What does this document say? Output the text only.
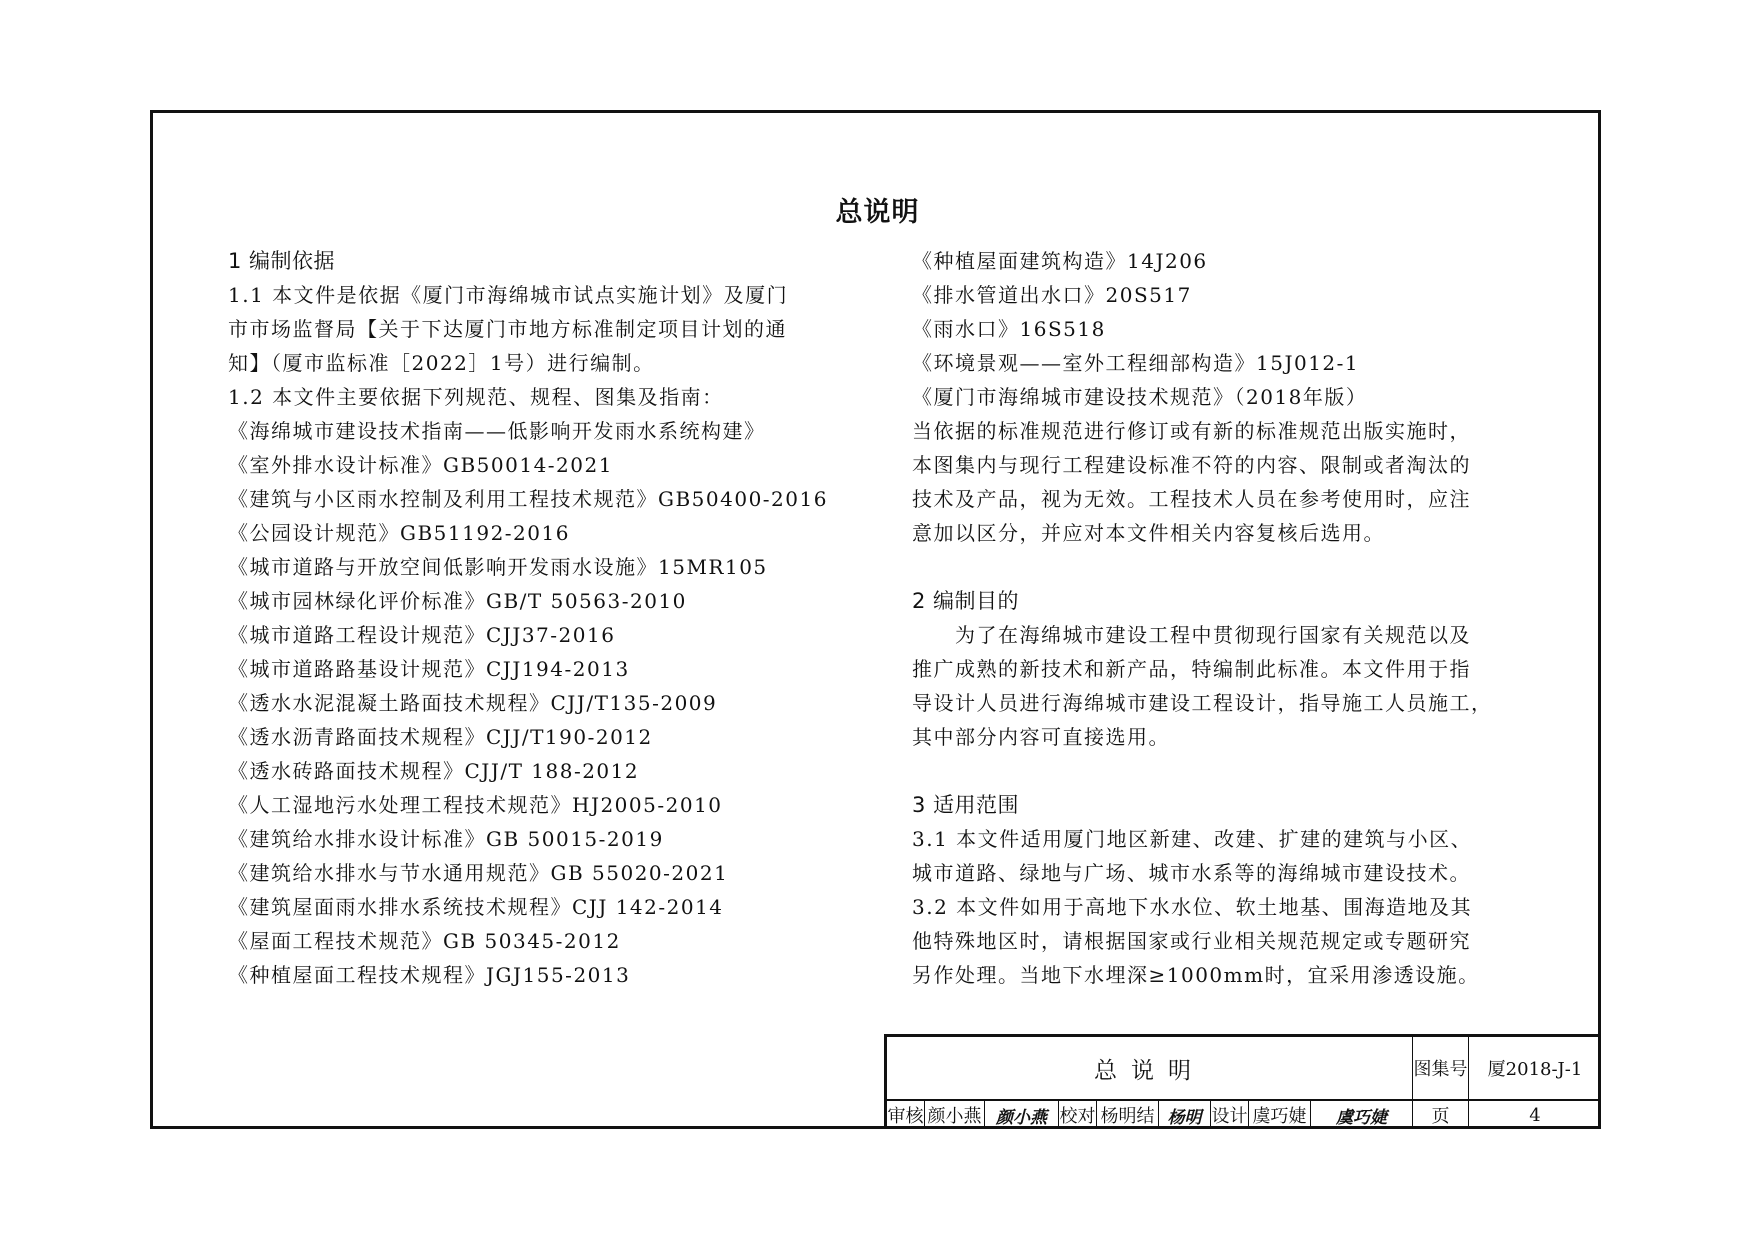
总说明
1 编制依据
1.1 本文件是依据《厦门市海绵城市试点实施计划》及厦门
市市场监督局【关于下达厦门市地方标准制定项目计划的通
知】（厦市监标准［2022］1号）进行编制。
1.2 本文件主要依据下列规范、规程、图集及指南：
《海绵城市建设技术指南——低影响开发雨水系统构建》
《室外排水设计标准》GB50014-2021
《建筑与小区雨水控制及利用工程技术规范》GB50400-2016
《公园设计规范》GB51192-2016
《城市道路与开放空间低影响开发雨水设施》15MR105
《城市园林绿化评价标准》GB/T 50563-2010
《城市道路工程设计规范》CJJ37-2016
《城市道路路基设计规范》CJJ194-2013
《透水水泥混凝土路面技术规程》CJJ/T135-2009
《透水沥青路面技术规程》CJJ/T190-2012
《透水砖路面技术规程》CJJ/T 188-2012
《人工湿地污水处理工程技术规范》HJ2005-2010
《建筑给水排水设计标准》GB 50015-2019
《建筑给水排水与节水通用规范》GB 55020-2021
《建筑屋面雨水排水系统技术规程》CJJ 142-2014
《屋面工程技术规范》GB 50345-2012
《种植屋面工程技术规程》JGJ155-2013
《种植屋面建筑构造》14J206
《排水管道出水口》20S517
《雨水口》16S518
《环境景观——室外工程细部构造》15J012-1
《厦门市海绵城市建设技术规范》（2018年版）
当依据的标准规范进行修订或有新的标准规范出版实施时，
本图集内与现行工程建设标准不符的内容、限制或者淘汰的
技术及产品，视为无效。工程技术人员在参考使用时，应注
意加以区分，并应对本文件相关内容复核后选用。
2 编制目的
　　为了在海绵城市建设工程中贯彻现行国家有关规范以及
推广成熟的新技术和新产品，特编制此标准。本文件用于指
导设计人员进行海绵城市建设工程设计，指导施工人员施工，
其中部分内容可直接选用。
3 适用范围
3.1 本文件适用厦门地区新建、改建、扩建的建筑与小区、
城市道路、绿地与广场、城市水系等的海绵城市建设技术。
3.2 本文件如用于高地下水水位、软土地基、围海造地及其
他特殊地区时，请根据国家或行业相关规范规定或专题研究
另作处理。当地下水埋深≥1000mm时，宜采用渗透设施。
总说明	图集号 厦2018-J-1
审核 颜小燕 颜小燕 校对 杨明结 杨明 设计 虞巧婕 虞巧婕 页	4
